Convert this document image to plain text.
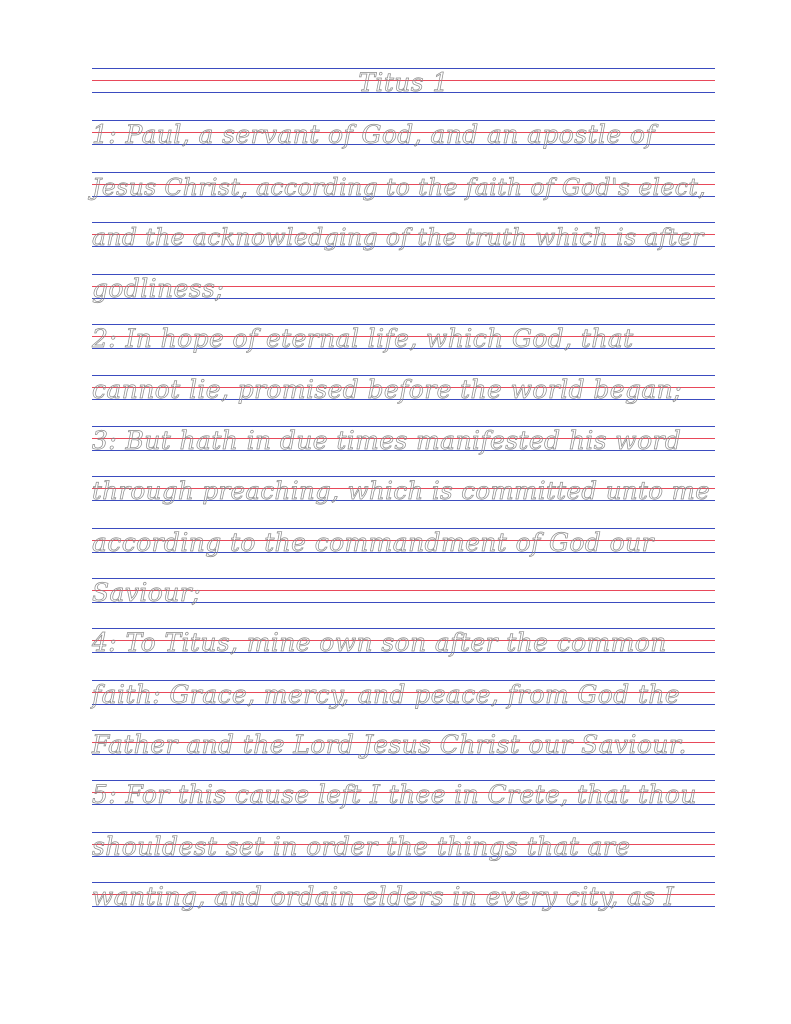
Titus 1
1: Paul, a servant of God, and an apostle of
Jesus Christ, according to the faith of God's elect,
and the acknowledging of the truth which is after
godliness;
2: In hope of eternal life, which God, that
cannot lie, promised before the world began;
3: But hath in due times manifested his word
through preaching, which is committed unto me
according to the commandment of God our
Saviour;
4: To Titus, mine own son after the common
faith: Grace, mercy, and peace, from God the
Father and the Lord Jesus Christ our Saviour.
5: For this cause left I thee in Crete, that thou
shouldest set in order the things that are
wanting, and ordain elders in every city, as I
